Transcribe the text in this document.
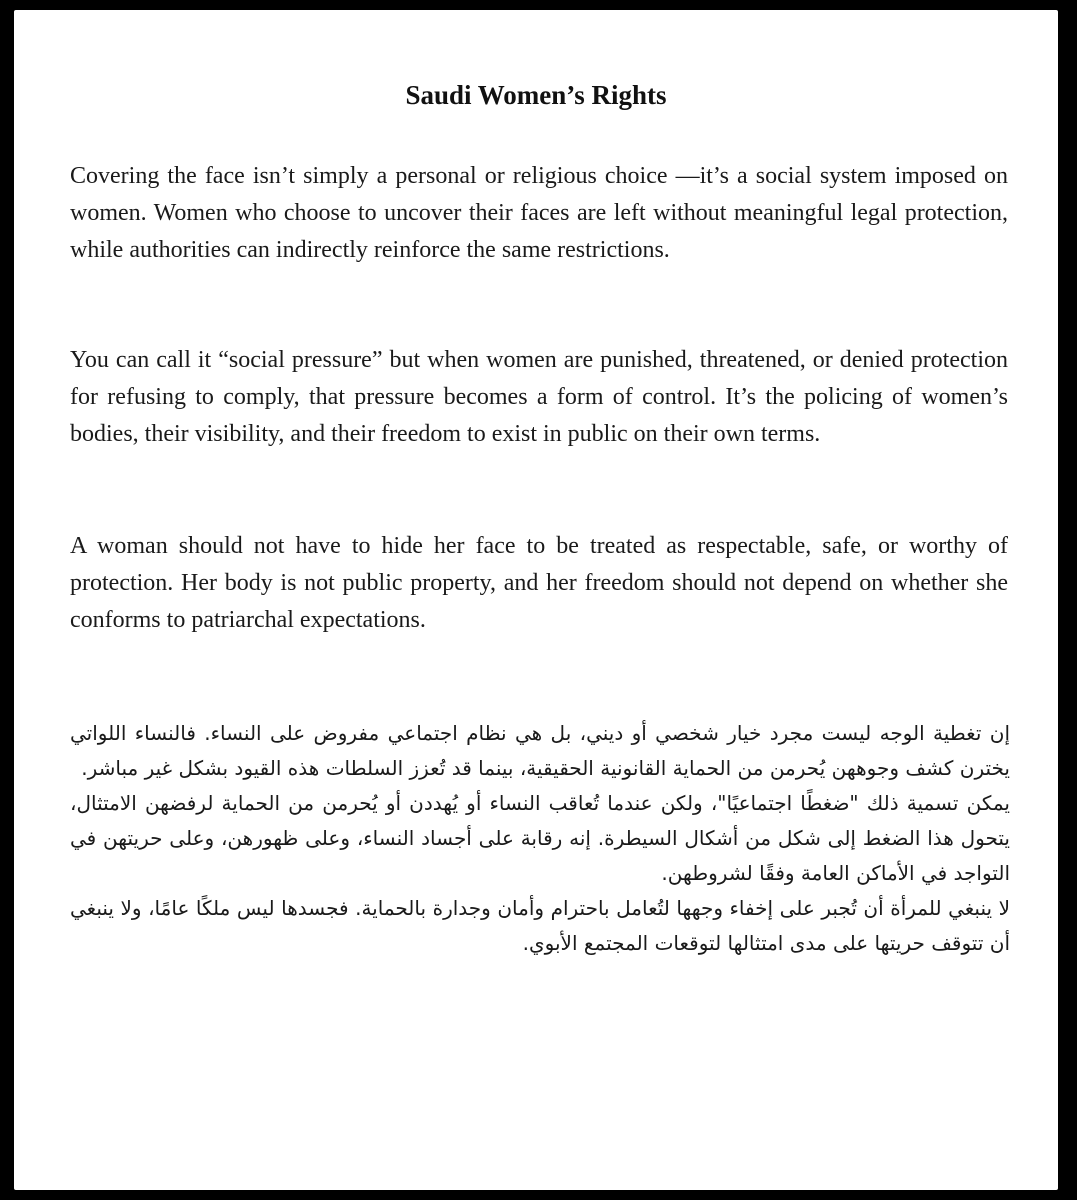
Saudi Women’s Rights

Covering the face isn’t simply a personal or religious choice —it’s a social system imposed on women. Women who choose to uncover their faces are left without meaningful legal protection, while authorities can indirectly reinforce the same restrictions.

You can call it “social pressure” but when women are punished, threatened, or denied protection for refusing to comply, that pressure becomes a form of control. It’s the policing of women’s bodies, their visibility, and their freedom to exist in public on their own terms.

A woman should not have to hide her face to be treated as respectable, safe, or worthy of protection. Her body is not public property, and her freedom should not depend on whether she conforms to patriarchal expectations.

إن تغطية الوجه ليست مجرد خيار شخصي أو ديني، بل هي نظام اجتماعي مفروض على النساء. فالنساء اللواتي يخترن كشف وجوههن يُحرمن من الحماية القانونية الحقيقية، بينما قد تُعزز السلطات هذه القيود بشكل غير مباشر.

يمكن تسمية ذلك "ضغطًا اجتماعيًا"، ولكن عندما تُعاقب النساء أو يُهددن أو يُحرمن من الحماية لرفضهن الامتثال، يتحول هذا الضغط إلى شكل من أشكال السيطرة. إنه رقابة على أجساد النساء، وعلى ظهورهن، وعلى حريتهن في التواجد في الأماكن العامة وفقًا لشروطهن.

لا ينبغي للمرأة أن تُجبر على إخفاء وجهها لتُعامل باحترام وأمان وجدارة بالحماية. فجسدها ليس ملكًا عامًا، ولا ينبغي أن تتوقف حريتها على مدى امتثالها لتوقعات المجتمع الأبوي.
